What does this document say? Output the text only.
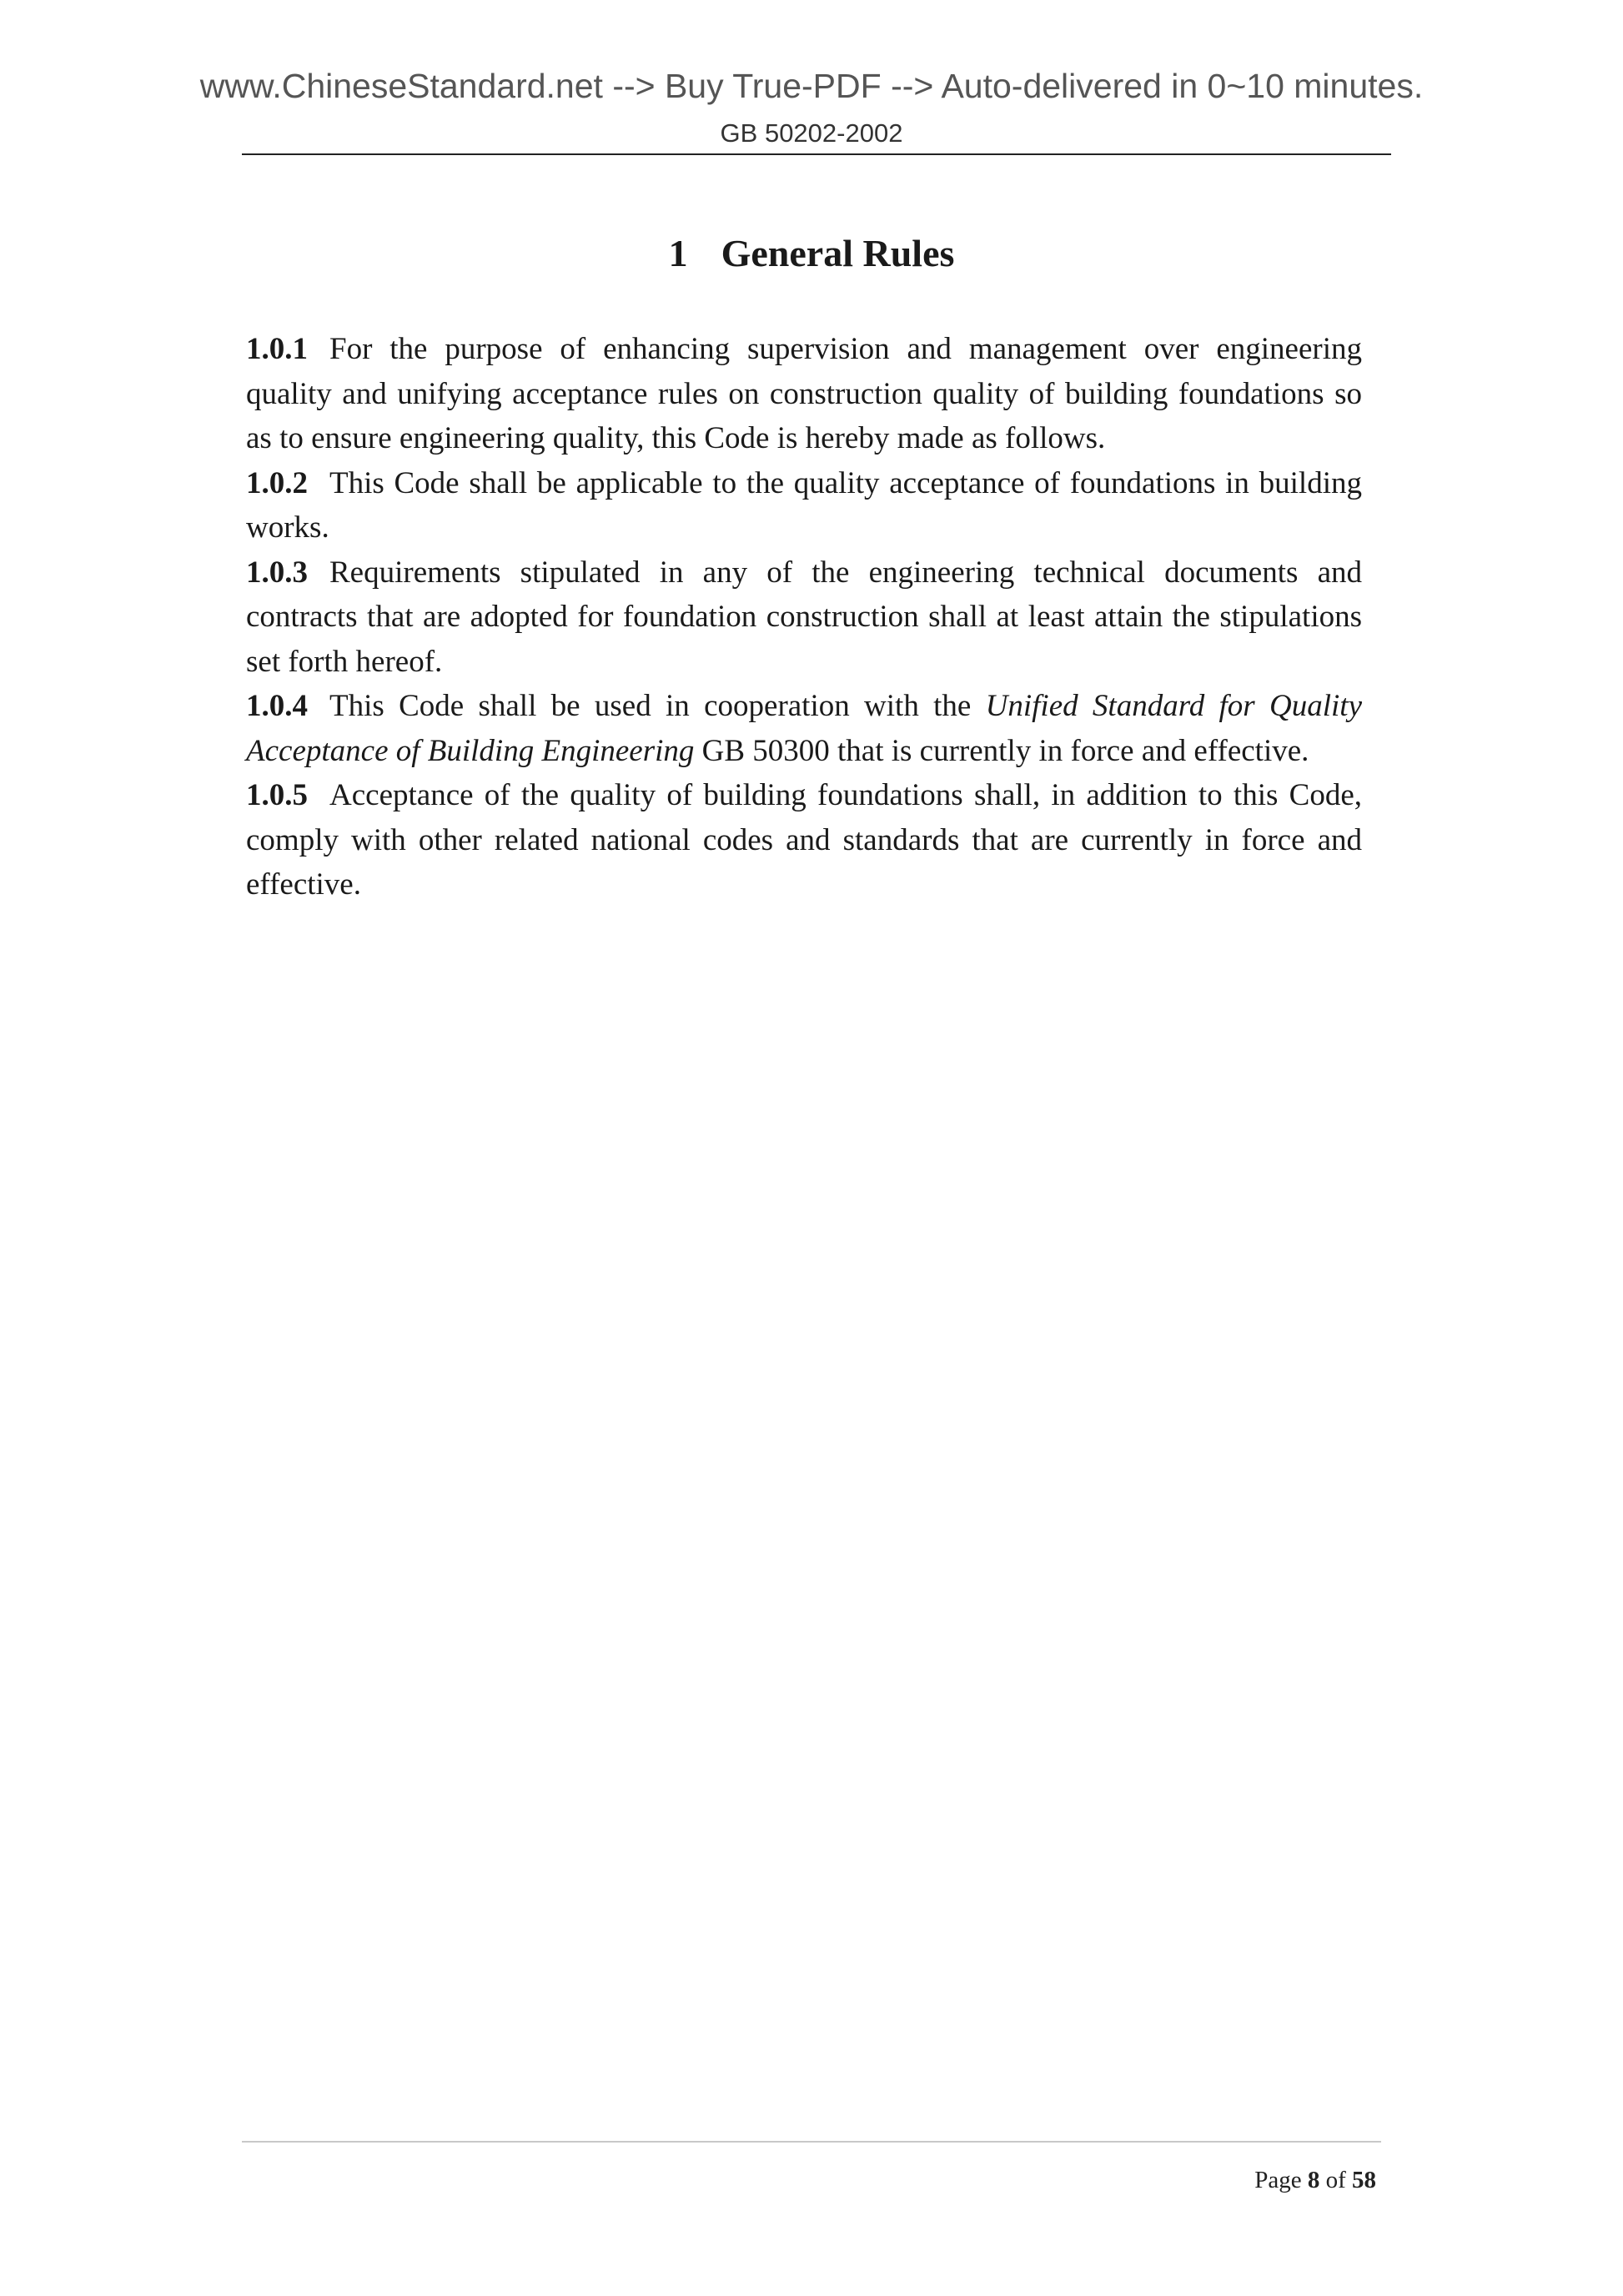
www.ChineseStandard.net --> Buy True-PDF --> Auto-delivered in 0~10 minutes.
GB 50202-2002
1 General Rules

1.0.1 For the purpose of enhancing supervision and management over engineering quality and unifying acceptance rules on construction quality of building foundations so as to ensure engineering quality, this Code is hereby made as follows.

1.0.2 This Code shall be applicable to the quality acceptance of foundations in building works.

1.0.3 Requirements stipulated in any of the engineering technical documents and contracts that are adopted for foundation construction shall at least attain the stipulations set forth hereof.

1.0.4 This Code shall be used in cooperation with the Unified Standard for Quality Acceptance of Building Engineering GB 50300 that is currently in force and effective.

1.0.5 Acceptance of the quality of building foundations shall, in addition to this Code, comply with other related national codes and standards that are currently in force and effective.

Page 8 of 58
